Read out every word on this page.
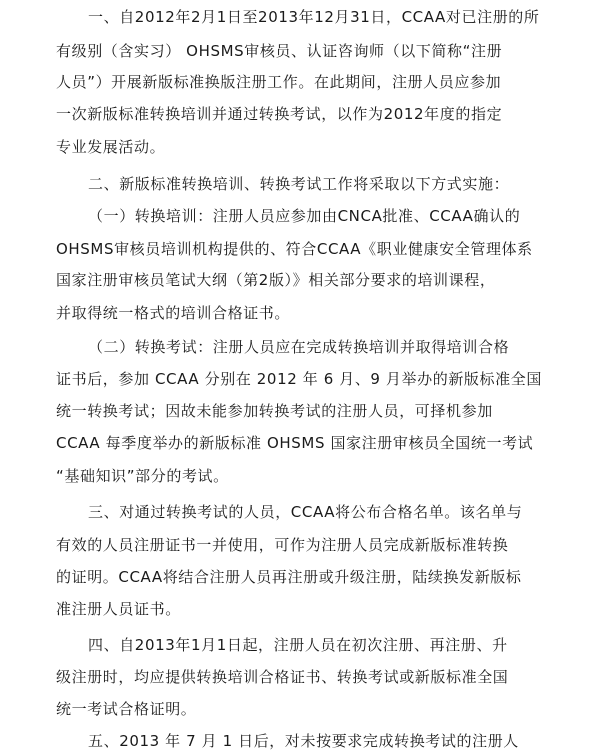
一、自2012年2月1日至2013年12月31日，CCAA对已注册的所
有级别（含实习） OHSMS审核员、认证咨询师（以下简称“注册
人员”）开展新版标准换版注册工作。在此期间，注册人员应参加
一次新版标准转换培训并通过转换考试，以作为2012年度的指定
专业发展活动。
二、新版标准转换培训、转换考试工作将采取以下方式实施：
（一）转换培训：注册人员应参加由CNCA批准、CCAA确认的
OHSMS审核员培训机构提供的、符合CCAA《职业健康安全管理体系
国家注册审核员笔试大纲（第2版）》相关部分要求的培训课程，
并取得统一格式的培训合格证书。
（二）转换考试：注册人员应在完成转换培训并取得培训合格
证书后，参加 CCAA 分别在 2012 年 6 月、9 月举办的新版标准全国
统一转换考试；因故未能参加转换考试的注册人员，可择机参加
CCAA 每季度举办的新版标准 OHSMS 国家注册审核员全国统一考试
“基础知识”部分的考试。
三、对通过转换考试的人员，CCAA将公布合格名单。该名单与
有效的人员注册证书一并使用，可作为注册人员完成新版标准转换
的证明。CCAA将结合注册人员再注册或升级注册，陆续换发新版标
准注册人员证书。
四、自2013年1月1日起，注册人员在初次注册、再注册、升
级注册时，均应提供转换培训合格证书、转换考试或新版标准全国
统一考试合格证明。
五、2013 年 7 月 1 日后，对未按要求完成转换考试的注册人
